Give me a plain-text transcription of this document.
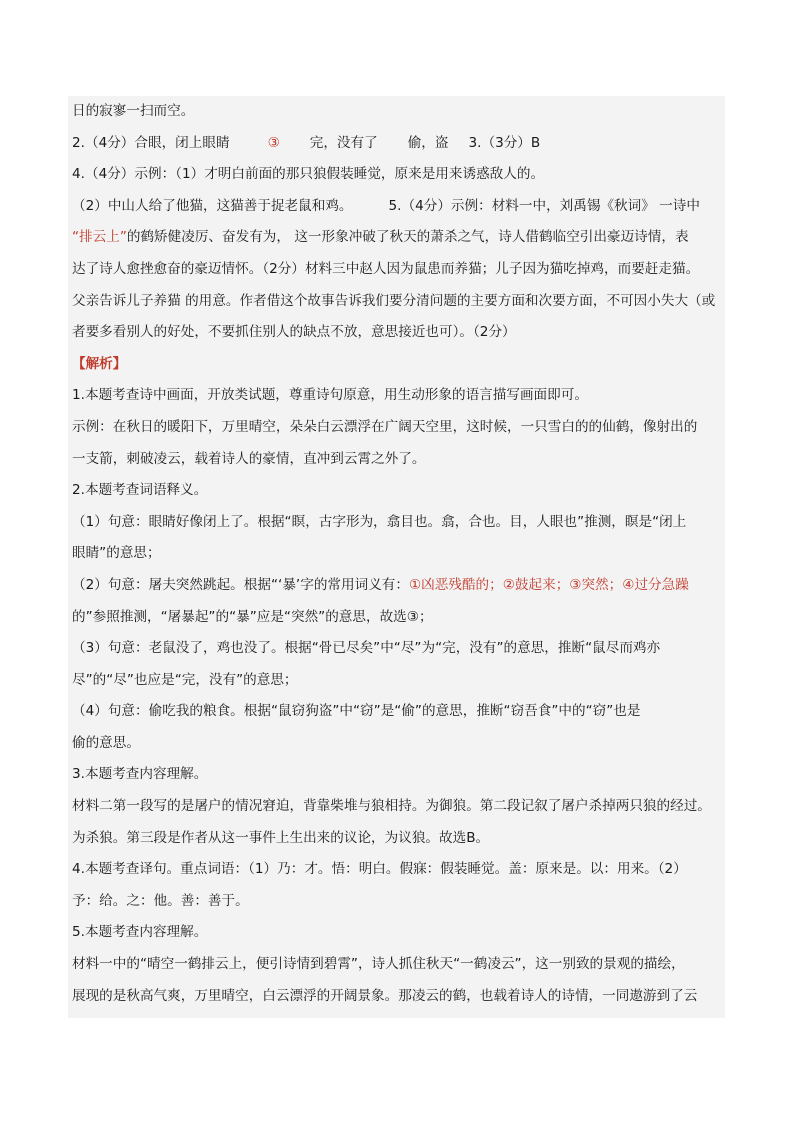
日的寂寥一扫而空。

2.（4分）合眼，闭上眼睛	③ 完，没有了 偷，盗 3.（3分）B

4.（4分）示例：（1）才明白前面的那只狼假装睡觉，原来是用来诱惑敌人的。

（2）中山人给了他猫，这猫善于捉老鼠和鸡。	5.（4分）示例：材料一中，刘禹锡《秋词》 一诗中

“排云上”的鹤矫健凌厉、奋发有为， 这一形象冲破了秋天的萧杀之气，诗人借鹤临空引出豪迈诗情，表

达了诗人愈挫愈奋的豪迈情怀。（2分）材料三中赵人因为鼠患而养猫；儿子因为猫吃掉鸡，而要赶走猫。

父亲告诉儿子养猫 的用意。作者借这个故事告诉我们要分清问题的主要方面和次要方面，不可因小失大（或

者要多看别人的好处，不要抓住别人的缺点不放，意思接近也可）。（2分）

【解析】

1.本题考查诗中画面，开放类试题，尊重诗句原意，用生动形象的语言描写画面即可。

示例：在秋日的暖阳下，万里晴空，朵朵白云漂浮在广阔天空里，这时候，一只雪白的的仙鹤，像射出的

一支箭，刺破凌云，载着诗人的豪情，直冲到云霄之外了。

2.本题考查词语释义。

（1）句意：眼睛好像闭上了。根据“瞑，古字形为，翕目也。翕，合也。目，人眼也”推测，瞑是“闭上

眼睛”的意思；

（2）句意：屠夫突然跳起。根据“‘暴’字的常用词义有：①凶恶残酷的；②鼓起来；③突然；④过分急躁

的”参照推测，“屠暴起”的“暴”应是“突然”的意思，故选③；

（3）句意：老鼠没了，鸡也没了。根据“骨已尽矣”中“尽”为“完，没有”的意思，推断“鼠尽而鸡亦

尽”的“尽”也应是“完，没有”的意思；

（4）句意：偷吃我的粮食。根据“鼠窃狗盗”中“窃”是“偷”的意思，推断“窃吾食”中的“窃”也是

偷的意思。

3.本题考查内容理解。

材料二第一段写的是屠户的情况窘迫，背靠柴堆与狼相持。为御狼。第二段记叙了屠户杀掉两只狼的经过。

为杀狼。第三段是作者从这一事件上生出来的议论，为议狼。故选B。

4.本题考查译句。重点词语：（1）乃：才。悟：明白。假寐：假装睡觉。盖：原来是。以：用来。（2）

予：给。之：他。善：善于。

5.本题考查内容理解。

材料一中的“晴空一鹤排云上，便引诗情到碧霄”，诗人抓住秋天“一鹤凌云”，这一别致的景观的描绘，

展现的是秋高气爽，万里晴空，白云漂浮的开阔景象。那凌云的鹤，也载着诗人的诗情，一同遨游到了云
